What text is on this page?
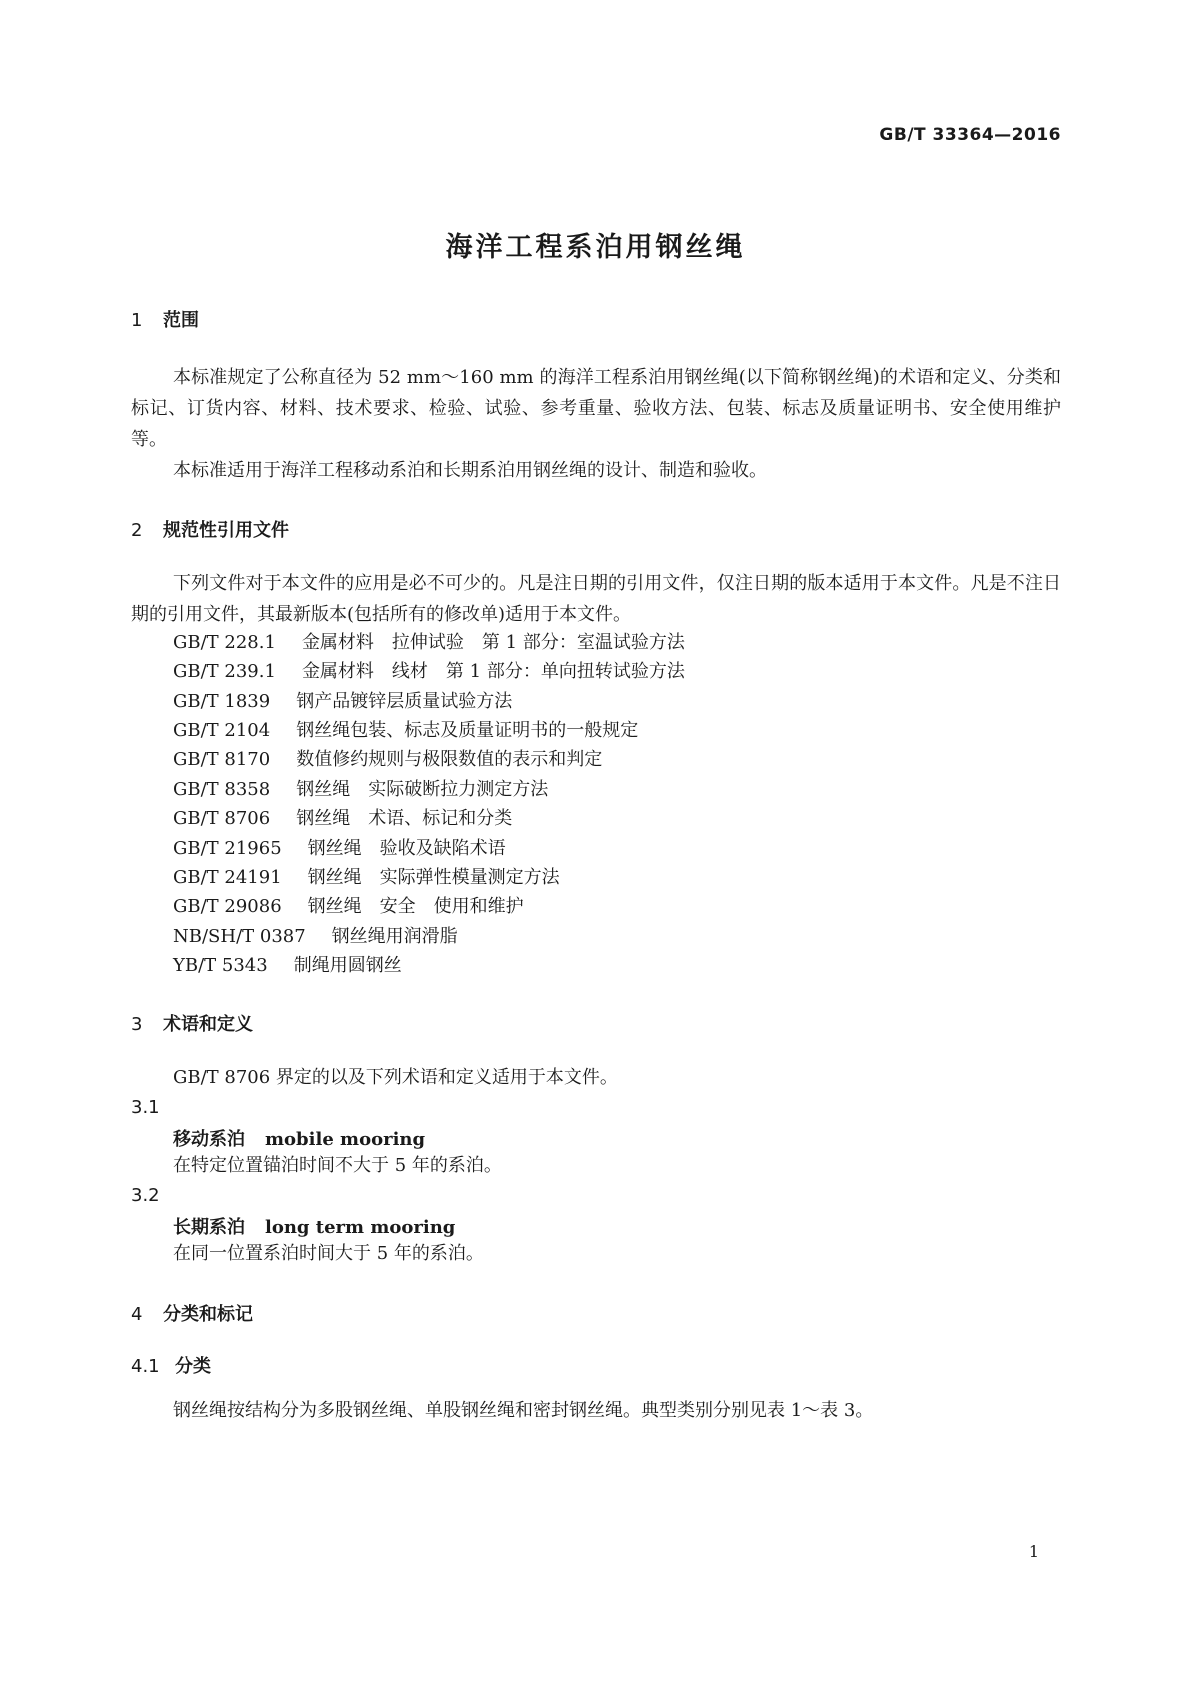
GB/T 33364—2016

海洋工程系泊用钢丝绳
1 范围

本标准规定了公称直径为 52 mm～160 mm 的海洋工程系泊用钢丝绳(以下简称钢丝绳)的术语和定义、分类和标记、订货内容、材料、技术要求、检验、试验、参考重量、验收方法、包装、标志及质量证明书、安全使用维护等。

本标准适用于海洋工程移动系泊和长期系泊用钢丝绳的设计、制造和验收。

2 规范性引用文件

下列文件对于本文件的应用是必不可少的。凡是注日期的引用文件，仅注日期的版本适用于本文件。凡是不注日期的引用文件，其最新版本(包括所有的修改单)适用于本文件。

GB/T 228.1 金属材料　拉伸试验　第 1 部分：室温试验方法
GB/T 239.1 金属材料　线材　第 1 部分：单向扭转试验方法
GB/T 1839 钢产品镀锌层质量试验方法
GB/T 2104 钢丝绳包装、标志及质量证明书的一般规定
GB/T 8170 数值修约规则与极限数值的表示和判定
GB/T 8358 钢丝绳　实际破断拉力测定方法
GB/T 8706 钢丝绳　术语、标记和分类
GB/T 21965 钢丝绳　验收及缺陷术语
GB/T 24191 钢丝绳　实际弹性模量测定方法
GB/T 29086 钢丝绳　安全　使用和维护
NB/SH/T 0387 钢丝绳用润滑脂
YB/T 5343 制绳用圆钢丝
3 术语和定义

GB/T 8706 界定的以及下列术语和定义适用于本文件。

3.1
移动系泊 mobile mooring

在特定位置锚泊时间不大于 5 年的系泊。

3.2
长期系泊 long term mooring

在同一位置系泊时间大于 5 年的系泊。

4 分类和标记
4.1 分类

钢丝绳按结构分为多股钢丝绳、单股钢丝绳和密封钢丝绳。典型类别分别见表 1～表 3。

1
